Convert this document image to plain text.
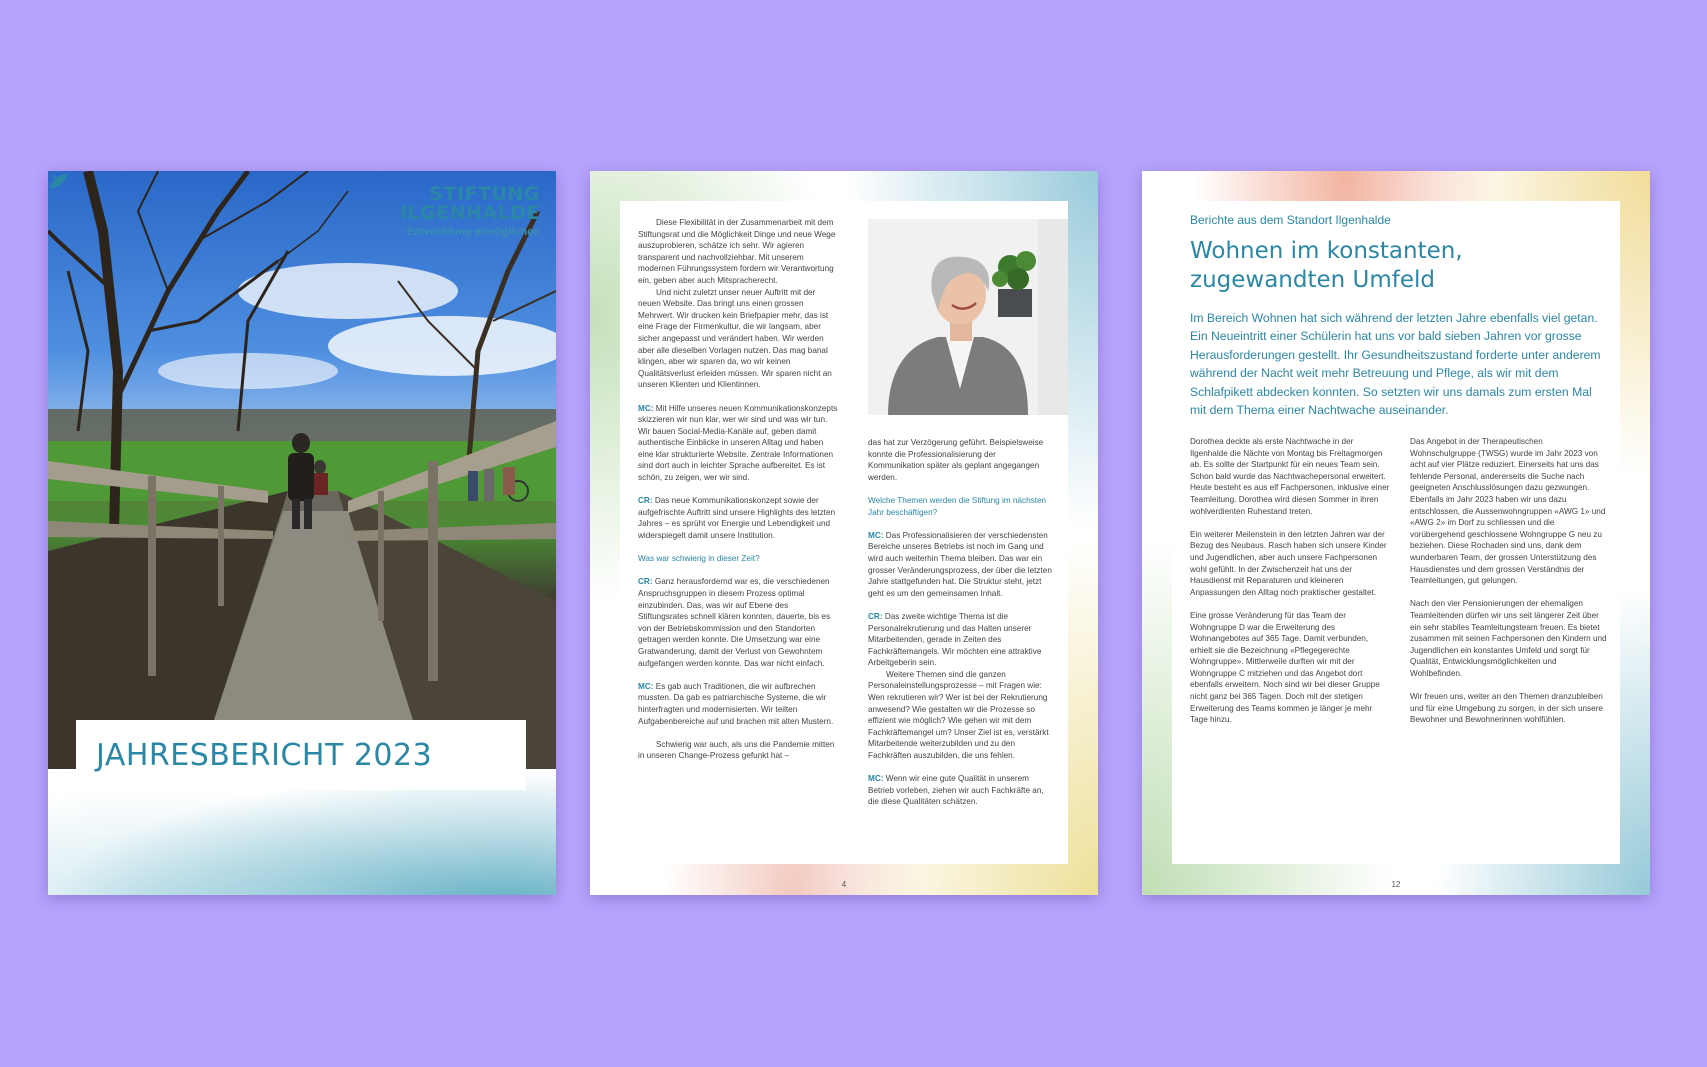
STIFTUNG
ILGENHALDE
Entwicklung ermöglichen
JAHRESBERICHT 2023

Diese Flexibilität in der Zusammenarbeit mit dem Stiftungsrat und die Möglichkeit Dinge und neue Wege auszuprobieren, schätze ich sehr. Wir agieren transparent und nachvollziehbar. Mit unserem modernen Führungssystem fordern wir Verantwortung ein, geben aber auch Mitspracherecht.

Und nicht zuletzt unser neuer Auftritt mit der neuen Website. Das bringt uns einen grossen Mehrwert. Wir drucken kein Briefpapier mehr, das ist eine Frage der Firmenkultur, die wir langsam, aber sicher angepasst und verändert haben. Wir werden aber alle dieselben Vorlagen nutzen. Das mag banal klingen, aber wir sparen da, wo wir keinen Qualitätsverlust erleiden müssen. Wir sparen nicht an unseren Klienten und Klientinnen.

MC: Mit Hilfe unseres neuen Kommunikationskonzepts skizzieren wir nun klar, wer wir sind und was wir tun. Wir bauen Social-Media-Kanäle auf, geben damit authentische Einblicke in unseren Alltag und haben eine klar strukturierte Website. Zentrale Informationen sind dort auch in leichter Sprache aufbereitet. Es ist schön, zu zeigen, wer wir sind.

CR: Das neue Kommunikationskonzept sowie der aufgefrischte Auftritt sind unsere Highlights des letzten Jahres – es sprüht vor Energie und Lebendigkeit und widerspiegelt damit unsere Institution.

Was war schwierig in dieser Zeit?

CR: Ganz herausfordernd war es, die verschiedenen Anspruchsgruppen in diesem Prozess optimal einzubinden. Das, was wir auf Ebene des Stiftungsrates schnell klären konnten, dauerte, bis es von der Betriebskommission und den Standorten getragen werden konnte. Die Umsetzung war eine Gratwanderung, damit der Verlust von Gewohntem aufgefangen werden konnte. Das war nicht einfach.

MC: Es gab auch Traditionen, die wir aufbrechen mussten. Da gab es patriarchische Systeme, die wir hinterfragten und modernisierten. Wir teilten Aufgabenbereiche auf und brachen mit alten Mustern.

Schwierig war auch, als uns die Pandemie mitten in unseren Change-Prozess gefunkt hat –

das hat zur Verzögerung geführt. Beispielsweise konnte die Professionalisierung der Kommunikation später als geplant angegangen werden.

Welche Themen werden die Stiftung im nächsten Jahr beschäftigen?

MC: Das Professionalisieren der verschiedensten Bereiche unseres Betriebs ist noch im Gang und wird auch weiterhin Thema bleiben. Das war ein grosser Veränderungsprozess, der über die letzten Jahre stattgefunden hat. Die Struktur steht, jetzt geht es um den gemeinsamen Inhalt.

CR: Das zweite wichtige Thema ist die Personalrekrutierung und das Halten unserer Mitarbeitenden, gerade in Zeiten des Fachkräftemangels. Wir möchten eine attraktive Arbeitgeberin sein.

Weitere Themen sind die ganzen Personaleinstellungsprozesse – mit Fragen wie: Wen rekrutieren wir? Wer ist bei der Rekrutierung anwesend? Wie gestalten wir die Prozesse so effizient wie möglich? Wie gehen wir mit dem Fachkräftemangel um? Unser Ziel ist es, verstärkt Mitarbeitende weiterzubilden und zu den Fachkräften auszubilden, die uns fehlen.

MC: Wenn wir eine gute Qualität in unserem Betrieb vorleben, ziehen wir auch Fachkräfte an, die diese Qualitäten schätzen.

4
Berichte aus dem Standort Ilgenhalde
Wohnen im konstanten, zugewandten Umfeld
Im Bereich Wohnen hat sich während der letzten Jahre ebenfalls viel getan. Ein Neueintritt einer Schülerin hat uns vor bald sieben Jahren vor grosse Herausforderungen gestellt. Ihr Gesundheitszustand forderte unter anderem während der Nacht weit mehr Betreuung und Pflege, als wir mit dem Schlafpikett abdecken konnten. So setzten wir uns damals zum ersten Mal mit dem Thema einer Nachtwache auseinander.

Dorothea deckte als erste Nachtwache in der Ilgenhalde die Nächte von Montag bis Freitagmorgen ab. Es sollte der Startpunkt für ein neues Team sein. Schon bald wurde das Nachtwachepersonal erweitert. Heute besteht es aus elf Fachpersonen, inklusive einer Teamleitung. Dorothea wird diesen Sommer in ihren wohlverdienten Ruhestand treten.

Ein weiterer Meilenstein in den letzten Jahren war der Bezug des Neubaus. Rasch haben sich unsere Kinder und Jugendlichen, aber auch unsere Fachpersonen wohl gefühlt. In der Zwischenzeit hat uns der Hausdienst mit Reparaturen und kleineren Anpassungen den Alltag noch praktischer gestaltet.

Eine grosse Veränderung für das Team der Wohngruppe D war die Erweiterung des Wohnangebotes auf 365 Tage. Damit verbunden, erhielt sie die Bezeichnung «Pflegegerechte Wohngruppe». Mittlerweile durften wir mit der Wohngruppe C mitziehen und das Angebot dort ebenfalls erweitern. Noch sind wir bei dieser Gruppe nicht ganz bei 365 Tagen. Doch mit der stetigen Erweiterung des Teams kommen je länger je mehr Tage hinzu.

Das Angebot in der Therapeutischen Wohnschulgruppe (TWSG) wurde im Jahr 2023 von acht auf vier Plätze reduziert. Einerseits hat uns das fehlende Personal, andererseits die Suche nach geeigneten Anschlusslösungen dazu gezwungen. Ebenfalls im Jahr 2023 haben wir uns dazu entschlossen, die Aussenwohngruppen «AWG 1» und «AWG 2» im Dorf zu schliessen und die vorübergehend geschlossene Wohngruppe G neu zu beziehen. Diese Rochaden sind uns, dank dem wunderbaren Team, der grossen Unterstützung des Hausdienstes und dem grossen Verständnis der Teamleitungen, gut gelungen.

Nach den vier Pensionierungen der ehemaligen Teamleitenden dürfen wir uns seit längerer Zeit über ein sehr stabiles Teamleitungsteam freuen. Es bietet zusammen mit seinen Fachpersonen den Kindern und Jugendlichen ein konstantes Umfeld und sorgt für Qualität, Entwicklungsmöglichkeiten und Wohlbefinden.

Wir freuen uns, weiter an den Themen dranzubleiben und für eine Umgebung zu sorgen, in der sich unsere Bewohner und Bewohnerinnen wohlfühlen.

12
